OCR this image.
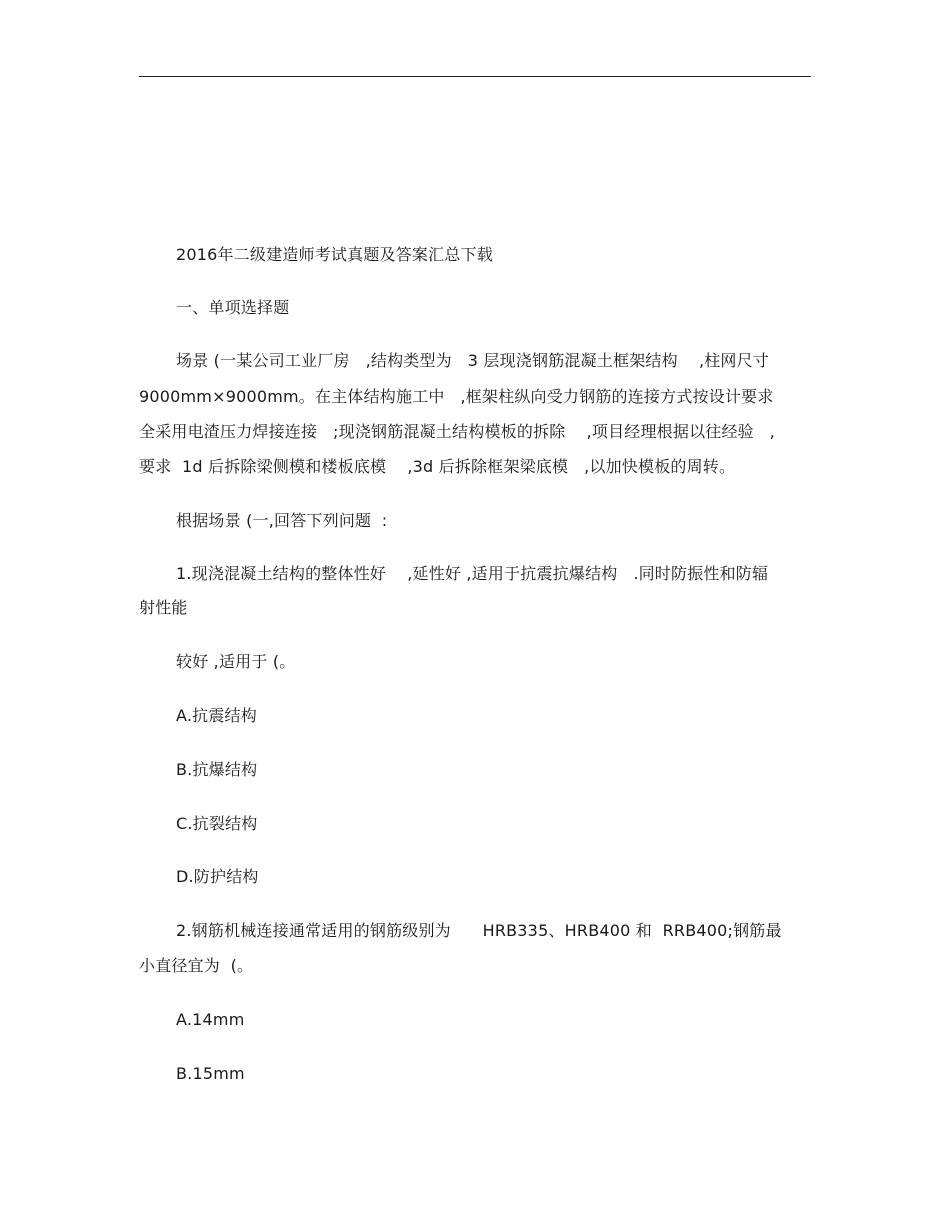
2016年二级建造师考试真题及答案汇总下载
一、单项选择题
场景 (一某公司工业厂房   ,结构类型为   3 层现浇钢筋混凝土框架结构    ,柱网尺寸
9000mm×9000mm。在主体结构施工中   ,框架柱纵向受力钢筋的连接方式按设计要求
全采用电渣压力焊接连接   ;现浇钢筋混凝土结构模板的拆除    ,项目经理根据以往经验   ,
要求  1d 后拆除梁侧模和楼板底模    ,3d 后拆除框架梁底模   ,以加快模板的周转。
根据场景 (一,回答下列问题  :
1.现浇混凝土结构的整体性好    ,延性好 ,适用于抗震抗爆结构   .同时防振性和防辐
射性能
较好 ,适用于 (。
A.抗震结构
B.抗爆结构
C.抗裂结构
D.防护结构
2.钢筋机械连接通常适用的钢筋级别为      HRB335、HRB400 和  RRB400;钢筋最
小直径宜为  (。
A.14mm
B.15mm
